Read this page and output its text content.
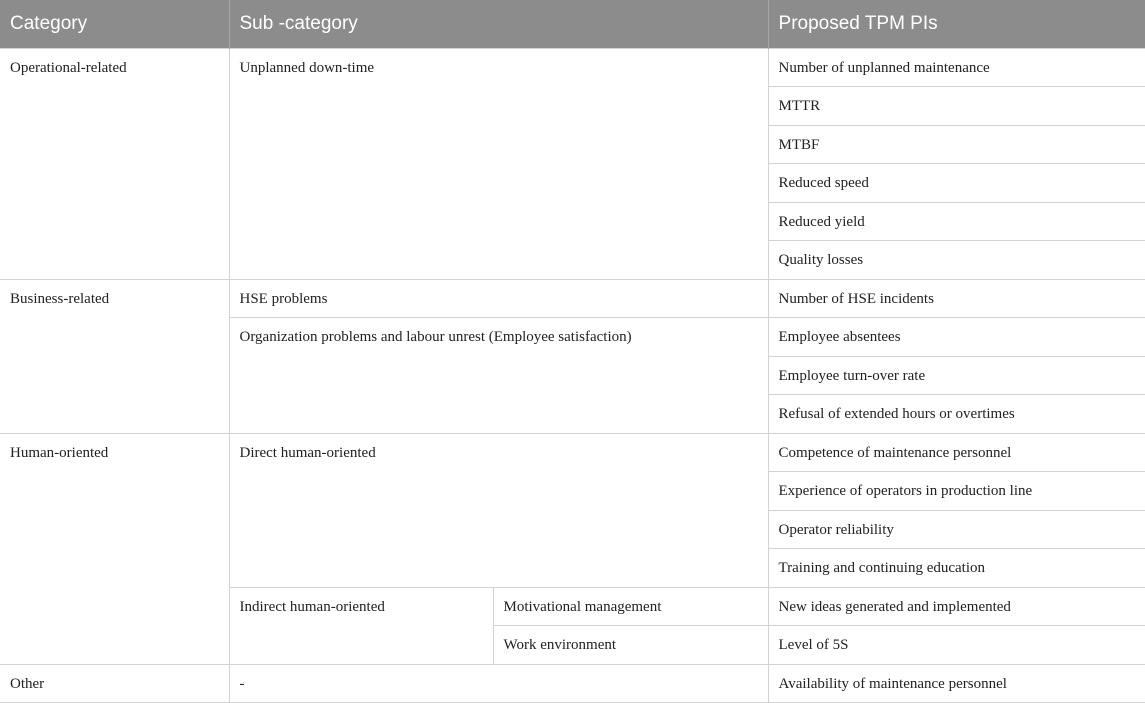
Category	Sub -category		Proposed TPM PIs
Operational-related	Unplanned down-time		Number of unplanned maintenance
			MTTR
			MTBF
			Reduced speed
			Reduced yield
			Quality losses
Business-related	HSE problems		Number of HSE incidents
	Organization problems and labour unrest (Employee satisfaction)		Employee absentees
			Employee turn-over rate
			Refusal of extended hours or overtimes
Human-oriented	Direct human-oriented		Competence of maintenance personnel
			Experience of operators in production line
			Operator reliability
			Training and continuing education
	Indirect human-oriented	Motivational management	New ideas generated and implemented
		Work environment	Level of 5S
Other	-		Availability of maintenance personnel
